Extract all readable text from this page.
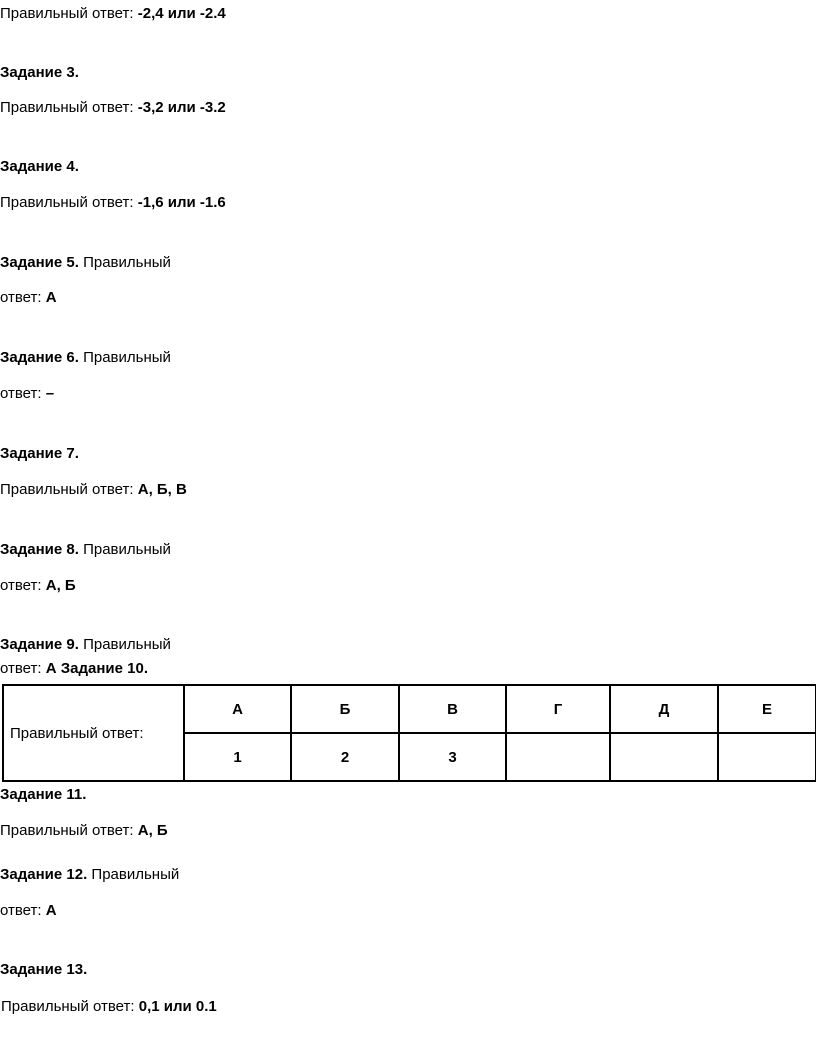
Правильный ответ: -2,4 или -2.4
Задание 3.
Правильный ответ: -3,2 или -3.2
Задание 4.
Правильный ответ: -1,6 или -1.6
Задание 5. Правильный
ответ: А
Задание 6. Правильный
ответ: –
Задание 7.
Правильный ответ: А, Б, В
Задание 8. Правильный
ответ: А, Б
Задание 9. Правильный
ответ: А Задание 10.
Правильный ответ:	А	Б	В	Г	Д	Е
	1	2	3			
Задание 11.
Правильный ответ: А, Б
Задание 12. Правильный
ответ: А
Задание 13.
Правильный ответ: 0,1 или 0.1
